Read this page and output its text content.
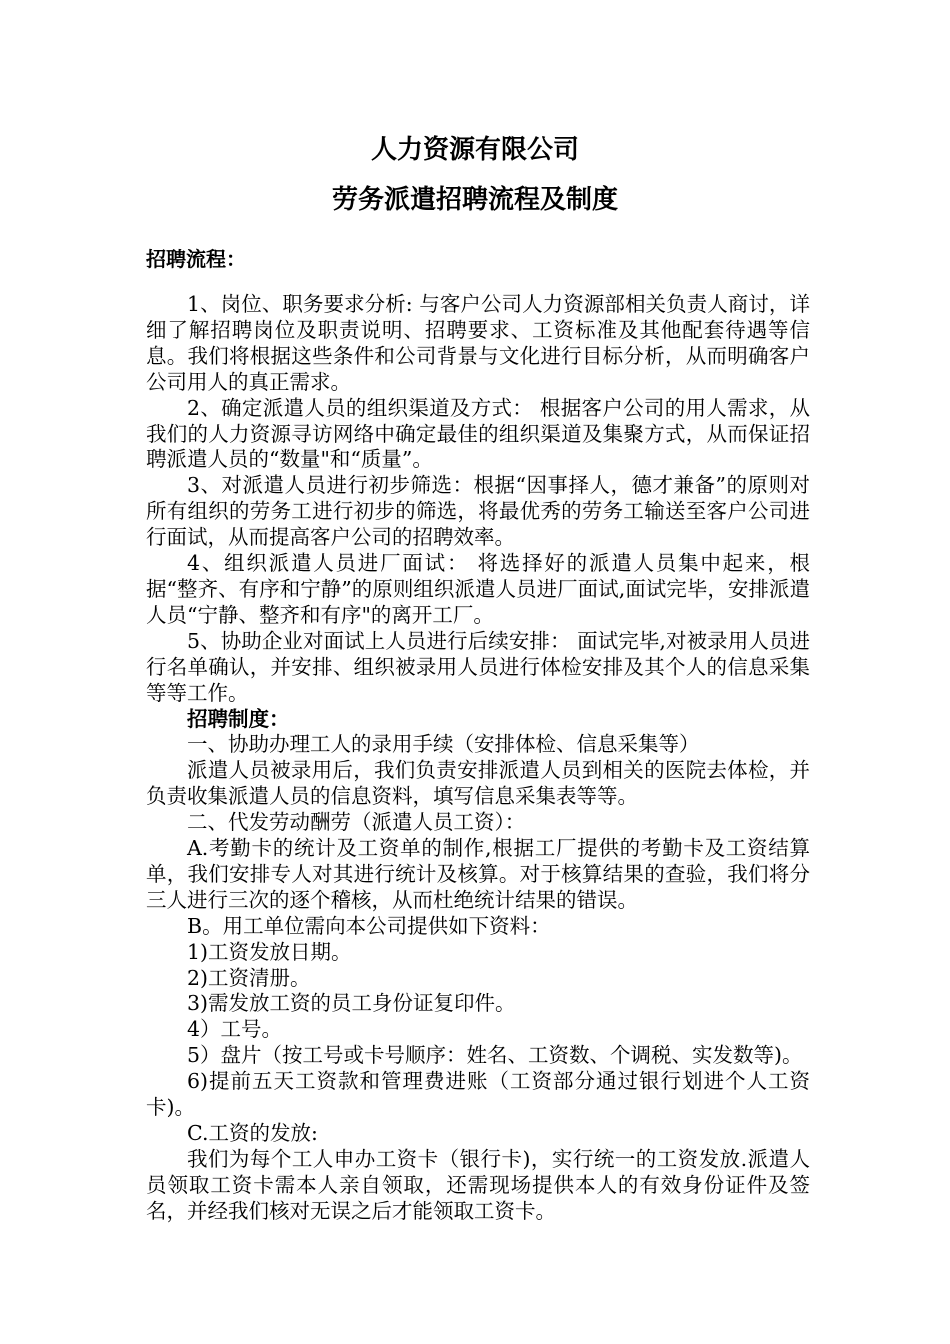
人力资源有限公司
劳务派遣招聘流程及制度
招聘流程：

1、岗位、职务要求分析: 与客户公司人力资源部相关负责人商讨，详细了解招聘岗位及职责说明、招聘要求、工资标准及其他配套待遇等信息。我们将根据这些条件和公司背景与文化进行目标分析，从而明确客户公司用人的真正需求。

2、确定派遣人员的组织渠道及方式： 根据客户公司的用人需求，从我们的人力资源寻访网络中确定最佳的组织渠道及集聚方式，从而保证招聘派遣人员的“数量"和“质量”。

3、对派遣人员进行初步筛选：根据“因事择人，德才兼备”的原则对所有组织的劳务工进行初步的筛选，将最优秀的劳务工输送至客户公司进行面试，从而提高客户公司的招聘效率。

4、组织派遣人员进厂面试： 将选择好的派遣人员集中起来，根据“整齐、有序和宁静”的原则组织派遣人员进厂面试,面试完毕，安排派遣人员“宁静、整齐和有序"的离开工厂。

5、协助企业对面试上人员进行后续安排： 面试完毕,对被录用人员进行名单确认，并安排、组织被录用人员进行体检安排及其个人的信息采集等等工作。

招聘制度：

一、协助办理工人的录用手续（安排体检、信息采集等）

派遣人员被录用后，我们负责安排派遣人员到相关的医院去体检，并负责收集派遣人员的信息资料，填写信息采集表等等。

二、代发劳动酬劳（派遣人员工资）：

A.考勤卡的统计及工资单的制作,根据工厂提供的考勤卡及工资结算单，我们安排专人对其进行统计及核算。对于核算结果的查验，我们将分三人进行三次的逐个稽核，从而杜绝统计结果的错误。

B。用工单位需向本公司提供如下资料：

1)工资发放日期。

2)工资清册。

3)需发放工资的员工身份证复印件。

4）工号。

5）盘片（按工号或卡号顺序：姓名、工资数、个调税、实发数等)。

6)提前五天工资款和管理费进账（工资部分通过银行划进个人工资卡)。

C.工资的发放:

我们为每个工人申办工资卡（银行卡)，实行统一的工资发放.派遣人员领取工资卡需本人亲自领取，还需现场提供本人的有效身份证件及签名，并经我们核对无误之后才能领取工资卡。
